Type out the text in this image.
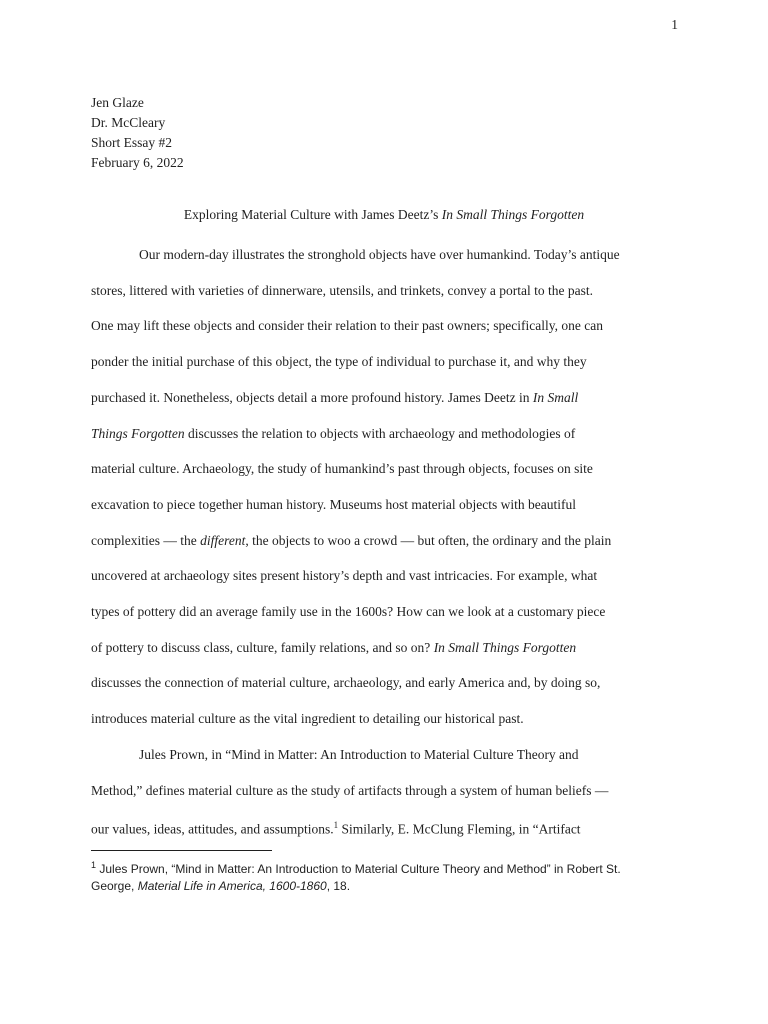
1
Jen Glaze
Dr. McCleary
Short Essay #2
February 6, 2022
Exploring Material Culture with James Deetz’s In Small Things Forgotten
Our modern-day illustrates the stronghold objects have over humankind. Today’s antique
stores, littered with varieties of dinnerware, utensils, and trinkets, convey a portal to the past.
One may lift these objects and consider their relation to their past owners; specifically, one can
ponder the initial purchase of this object, the type of individual to purchase it, and why they
purchased it. Nonetheless, objects detail a more profound history. James Deetz in In Small
Things Forgotten discusses the relation to objects with archaeology and methodologies of
material culture. Archaeology, the study of humankind’s past through objects, focuses on site
excavation to piece together human history. Museums host material objects with beautiful
complexities — the different, the objects to woo a crowd — but often, the ordinary and the plain
uncovered at archaeology sites present history’s depth and vast intricacies. For example, what
types of pottery did an average family use in the 1600s? How can we look at a customary piece
of pottery to discuss class, culture, family relations, and so on? In Small Things Forgotten
discusses the connection of material culture, archaeology, and early America and, by doing so,
introduces material culture as the vital ingredient to detailing our historical past.
Jules Prown, in “Mind in Matter: An Introduction to Material Culture Theory and
Method,” defines material culture as the study of artifacts through a system of human beliefs —
our values, ideas, attitudes, and assumptions.$^1$ Similarly, E. McClung Fleming, in “Artifact
$^1$ Jules Prown, “Mind in Matter: An Introduction to Material Culture Theory and Method” in Robert St.
George, Material Life in America, 1600-1860, 18.
